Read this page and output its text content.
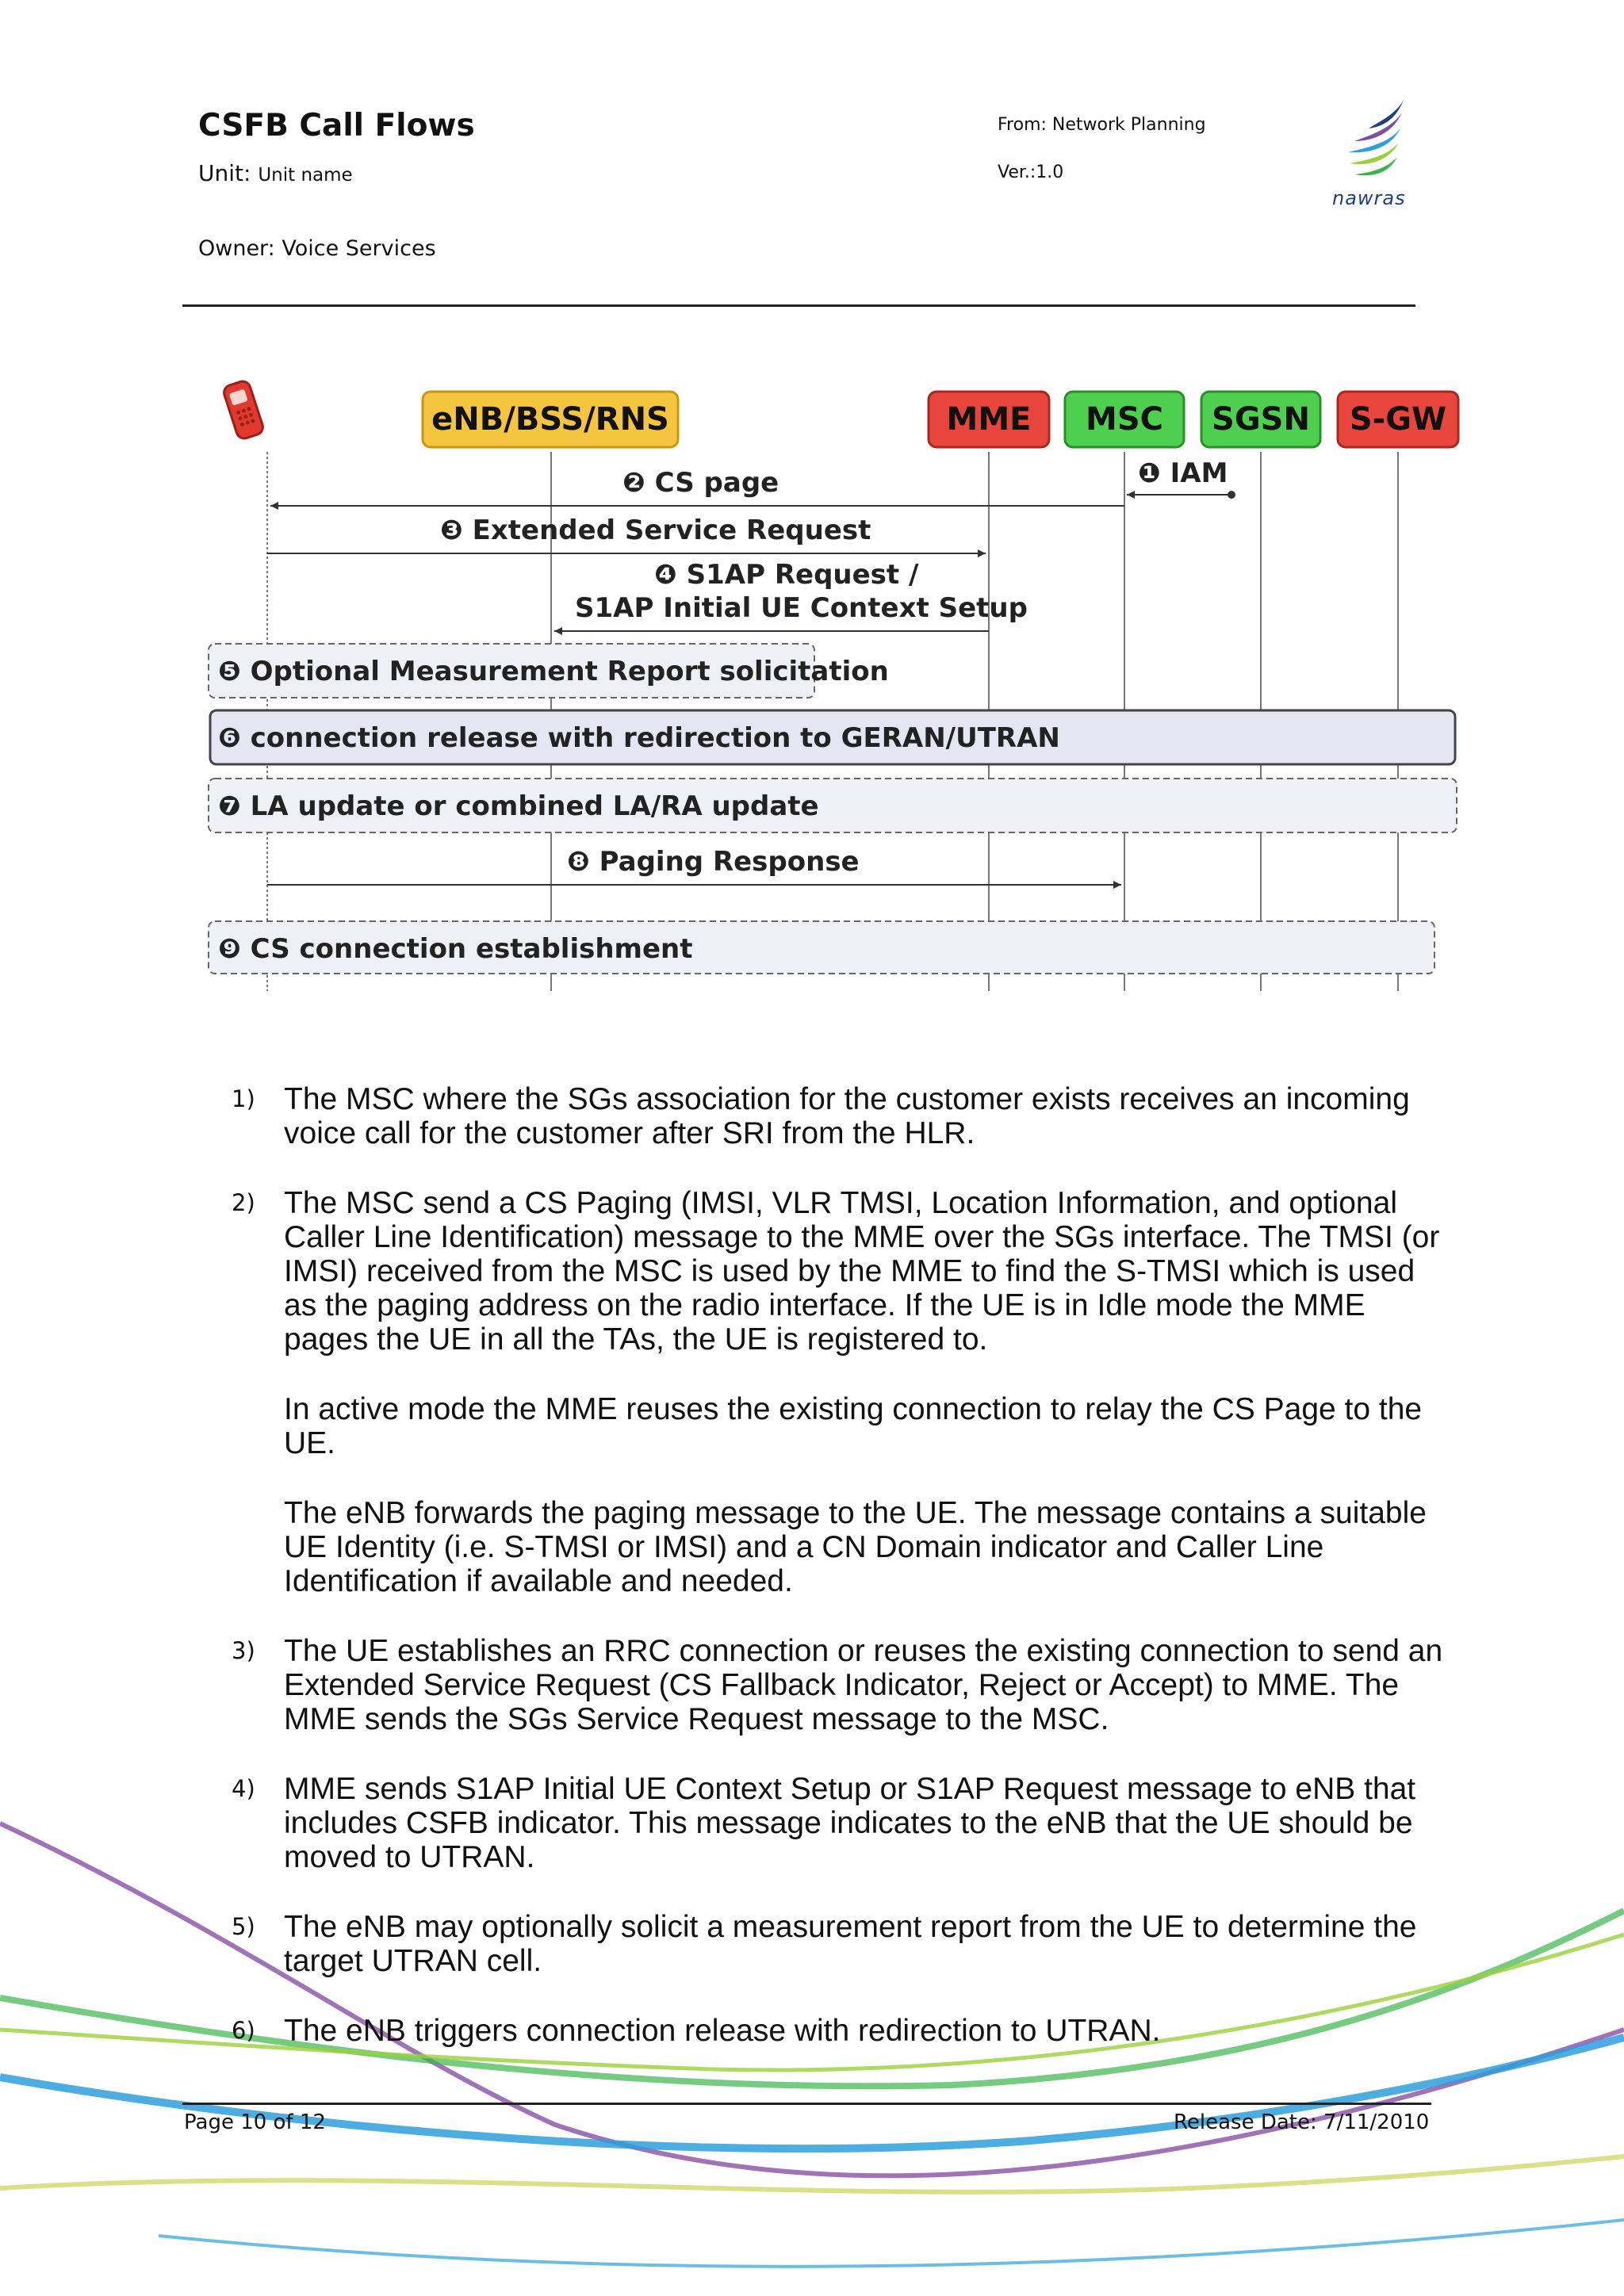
CSFB Call Flows
Unit: Unit name
Owner: Voice Services
From: Network Planning
Ver.:1.0
nawras
eNB/BSS/RNS	MME MSC SGSN S-GW
❶ IAM
❷ CS page
❸ Extended Service Request
❹ S1AP Request /
S1AP Initial UE Context Setup
❺ Optional Measurement Report solicitation
❻ connection release with redirection to GERAN/UTRAN
❼ LA update or combined LA/RA update
❽ Paging Response
❾ CS connection establishment
1) The MSC where the SGs association for the customer exists receives an incoming voice call for the customer after SRI from the HLR.

2) The MSC send a CS Paging (IMSI, VLR TMSI, Location Information, and optional Caller Line Identification) message to the MME over the SGs interface. The TMSI (or IMSI) received from the MSC is used by the MME to find the S-TMSI which is used as the paging address on the radio interface. If the UE is in Idle mode the MME pages the UE in all the TAs, the UE is registered to.

In active mode the MME reuses the existing connection to relay the CS Page to the UE.

The eNB forwards the paging message to the UE. The message contains a suitable UE Identity (i.e. S-TMSI or IMSI) and a CN Domain indicator and Caller Line Identification if available and needed.

3) The UE establishes an RRC connection or reuses the existing connection to send an Extended Service Request (CS Fallback Indicator, Reject or Accept) to MME. The MME sends the SGs Service Request message to the MSC.

4) MME sends S1AP Initial UE Context Setup or S1AP Request message to eNB that includes CSFB indicator. This message indicates to the eNB that the UE should be moved to UTRAN.

5) The eNB may optionally solicit a measurement report from the UE to determine the target UTRAN cell.

6) The eNB triggers connection release with redirection to UTRAN.

Page 10 of 12	Release Date: 7/11/2010
